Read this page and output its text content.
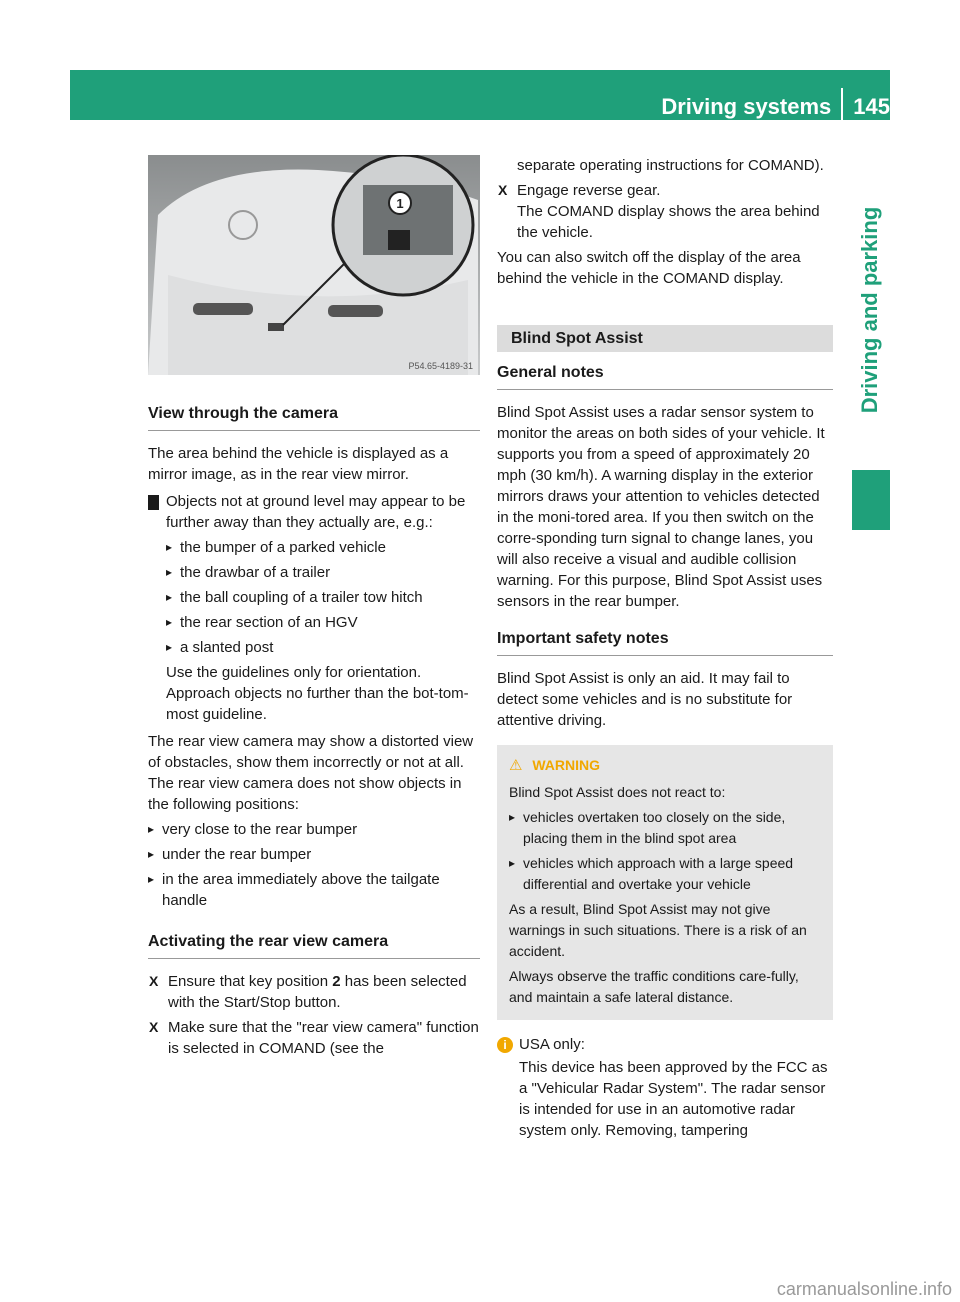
Driving systems 145
Driving and parking
1
P54.65-4189-31
View through the camera

The area behind the vehicle is displayed as a mirror image, as in the rear view mirror.

! Objects not at ground level may appear to be further away than they actually are, e.g.:

▸ the bumper of a parked vehicle
▸ the drawbar of a trailer
▸ the ball coupling of a trailer tow hitch
▸ the rear section of an HGV
▸ a slanted post

Use the guidelines only for orientation. Approach objects no further than the bot-tom-most guideline.

The rear view camera may show a distorted view of obstacles, show them incorrectly or not at all. The rear view camera does not show objects in the following positions:

▸ very close to the rear bumper
▸ under the rear bumper
▸ in the area immediately above the tailgate handle
Activating the rear view camera
X Ensure that key position 2 has been selected with the Start/Stop button.
X Make sure that the "rear view camera" function is selected in COMAND (see the

separate operating instructions for COMAND).

X Engage reverse gear.

The COMAND display shows the area behind the vehicle.

You can also switch off the display of the area behind the vehicle in the COMAND display.

Blind Spot Assist
General notes

Blind Spot Assist uses a radar sensor system to monitor the areas on both sides of your vehicle. It supports you from a speed of approximately 20 mph (30 km/h). A warning display in the exterior mirrors draws your attention to vehicles detected in the moni-tored area. If you then switch on the corre-sponding turn signal to change lanes, you will also receive a visual and audible collision warning. For this purpose, Blind Spot Assist uses sensors in the rear bumper.

Important safety notes

Blind Spot Assist is only an aid. It may fail to detect some vehicles and is no substitute for attentive driving.

⚠ WARNING

Blind Spot Assist does not react to:

▸ vehicles overtaken too closely on the side, placing them in the blind spot area
▸ vehicles which approach with a large speed differential and overtake your vehicle

As a result, Blind Spot Assist may not give warnings in such situations. There is a risk of an accident.

Always observe the traffic conditions care-fully, and maintain a safe lateral distance.

i USA only:

This device has been approved by the FCC as a "Vehicular Radar System". The radar sensor is intended for use in an automotive radar system only. Removing, tampering

carmanualsonline.info
